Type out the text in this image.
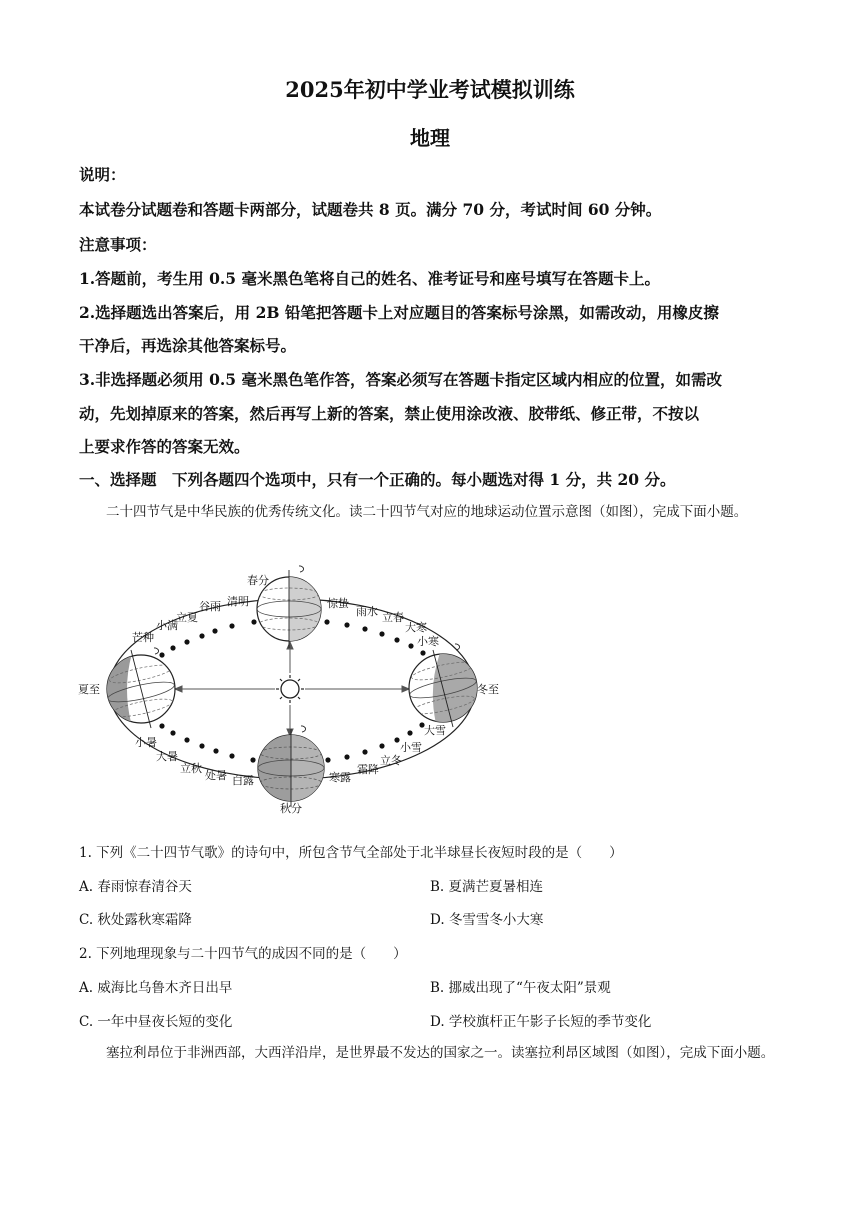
2025年初中学业考试模拟训练
地理
说明：
本试卷分试题卷和答题卡两部分，试题卷共 8 页。满分 70 分，考试时间 60 分钟。
注意事项：
1.答题前，考生用 0.5 毫米黑色笔将自己的姓名、准考证号和座号填写在答题卡上。
2.选择题选出答案后，用 2B 铅笔把答题卡上对应题目的答案标号涂黑，如需改动，用橡皮擦
干净后，再选涂其他答案标号。
3.非选择题必须用 0.5 毫米黑色笔作答，答案必须写在答题卡指定区域内相应的位置，如需改
动，先划掉原来的答案，然后再写上新的答案，禁止使用涂改液、胶带纸、修正带，不按以
上要求作答的答案无效。
一、选择题　下列各题四个选项中，只有一个正确的。每小题选对得 1 分，共 20 分。
二十四节气是中华民族的优秀传统文化。读二十四节气对应的地球运动位置示意图（如图），完成下面小题。
春分
夏至
秋分
冬至
清明
谷雨
立夏
小满
芒种
惊蛰
雨水 立春
大寒
小寒
小暑
大暑
立秋
处暑 白露	寒露
霜降
立冬
小雪
大雪
1. 下列《二十四节气歌》的诗句中，所包含节气全部处于北半球昼长夜短时段的是（　　）
A. 春雨惊春清谷天	B. 夏满芒夏暑相连
C. 秋处露秋寒霜降	D. 冬雪雪冬小大寒
2. 下列地理现象与二十四节气的成因不同的是（　　）
A. 威海比乌鲁木齐日出早	B. 挪威出现了“午夜太阳”景观
C. 一年中昼夜长短的变化	D. 学校旗杆正午影子长短的季节变化
塞拉利昂位于非洲西部，大西洋沿岸，是世界最不发达的国家之一。读塞拉利昂区域图（如图），完成下面小题。
